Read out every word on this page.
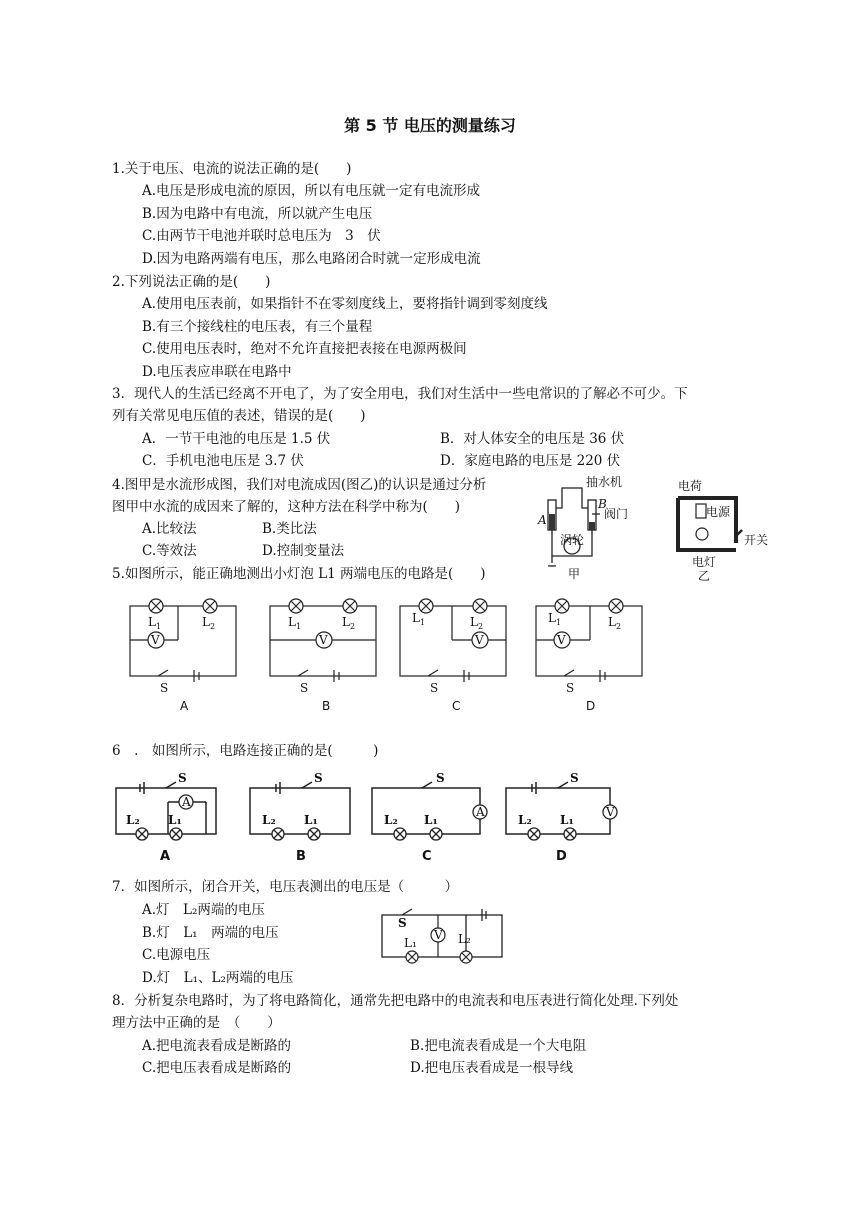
第 5 节 电压的测量练习
1.关于电压、电流的说法正确的是(　　)
A.电压是形成电流的原因，所以有电压就一定有电流形成
B.因为电路中有电流，所以就产生电压
C.由两节干电池并联时总电压为　3　伏
D.因为电路两端有电压，那么电路闭合时就一定形成电流
2.下列说法正确的是(　　)
A.使用电压表前，如果指针不在零刻度线上，要将指针调到零刻度线
B.有三个接线柱的电压表，有三个量程
C.使用电压表时，绝对不允许直接把表接在电源两极间
D.电压表应串联在电路中
3．现代人的生活已经离不开电了，为了安全用电，我们对生活中一些电常识的了解必不可少。下
列有关常见电压值的表述，错误的是(　　)
A．一节干电池的电压是 1.5 伏	B．对人体安全的电压是 36 伏
C．手机电池电压是 3.7 伏	D．家庭电路的电压是 220 伏
4.图甲是水流形成图，我们对电流成因(图乙)的认识是通过分析
图甲中水流的成因来了解的，这种方法在科学中称为(　　)
A.比较法	B.类比法
C.等效法	D.控制变量法
抽水机
A
B
涡轮
阀门
甲
电荷
电源
开关
电灯
乙
5.如图所示，能正确地测出小灯泡 L1 两端电压的电路是(　　)
V	V	V	V
$L_1$	$L_2$	$L_1$	$L_2$
$L_1$	$L_2$
$L_1$	$L_2$
S	S	S	S
A	B	C	D
6　.　如图所示，电路连接正确的是(　　　)
A
A	V
L₂ L₁	L₂ L₁	L₂ L₁	L₂ L₁
S	S	S	S
A	B	C	D
7．如图所示，闭合开关，电压表测出的电压是（　　　）
A.灯　L₂两端的电压
B.灯　L₁　两端的电压
C.电源电压
D.灯　L₁、L₂两端的电压
S
V
L₁	L₂
8．分析复杂电路时，为了将电路简化，通常先把电路中的电流表和电压表进行简化处理.下列处
理方法中正确的是　（　　）
A.把电流表看成是断路的	B.把电流表看成是一个大电阻
C.把电压表看成是断路的	D.把电压表看成是一根导线
